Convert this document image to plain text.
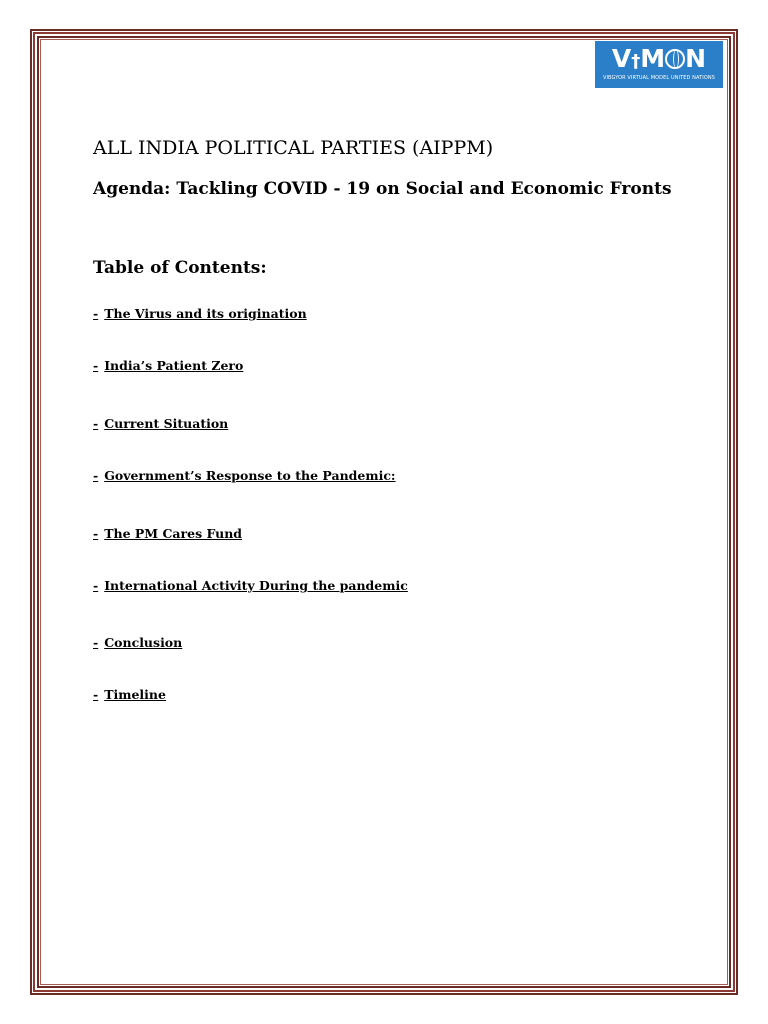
V†M N
VIBGYOR VIRTUAL MODEL UNITED NATIONS
ALL INDIA POLITICAL PARTIES (AIPPM)
Agenda: Tackling COVID - 19 on Social and Economic Fronts
Table of Contents:
- The Virus and its origination
- India’s Patient Zero
- Current Situation
- Government’s Response to the Pandemic:
- The PM Cares Fund
- International Activity During the pandemic
- Conclusion
- Timeline
